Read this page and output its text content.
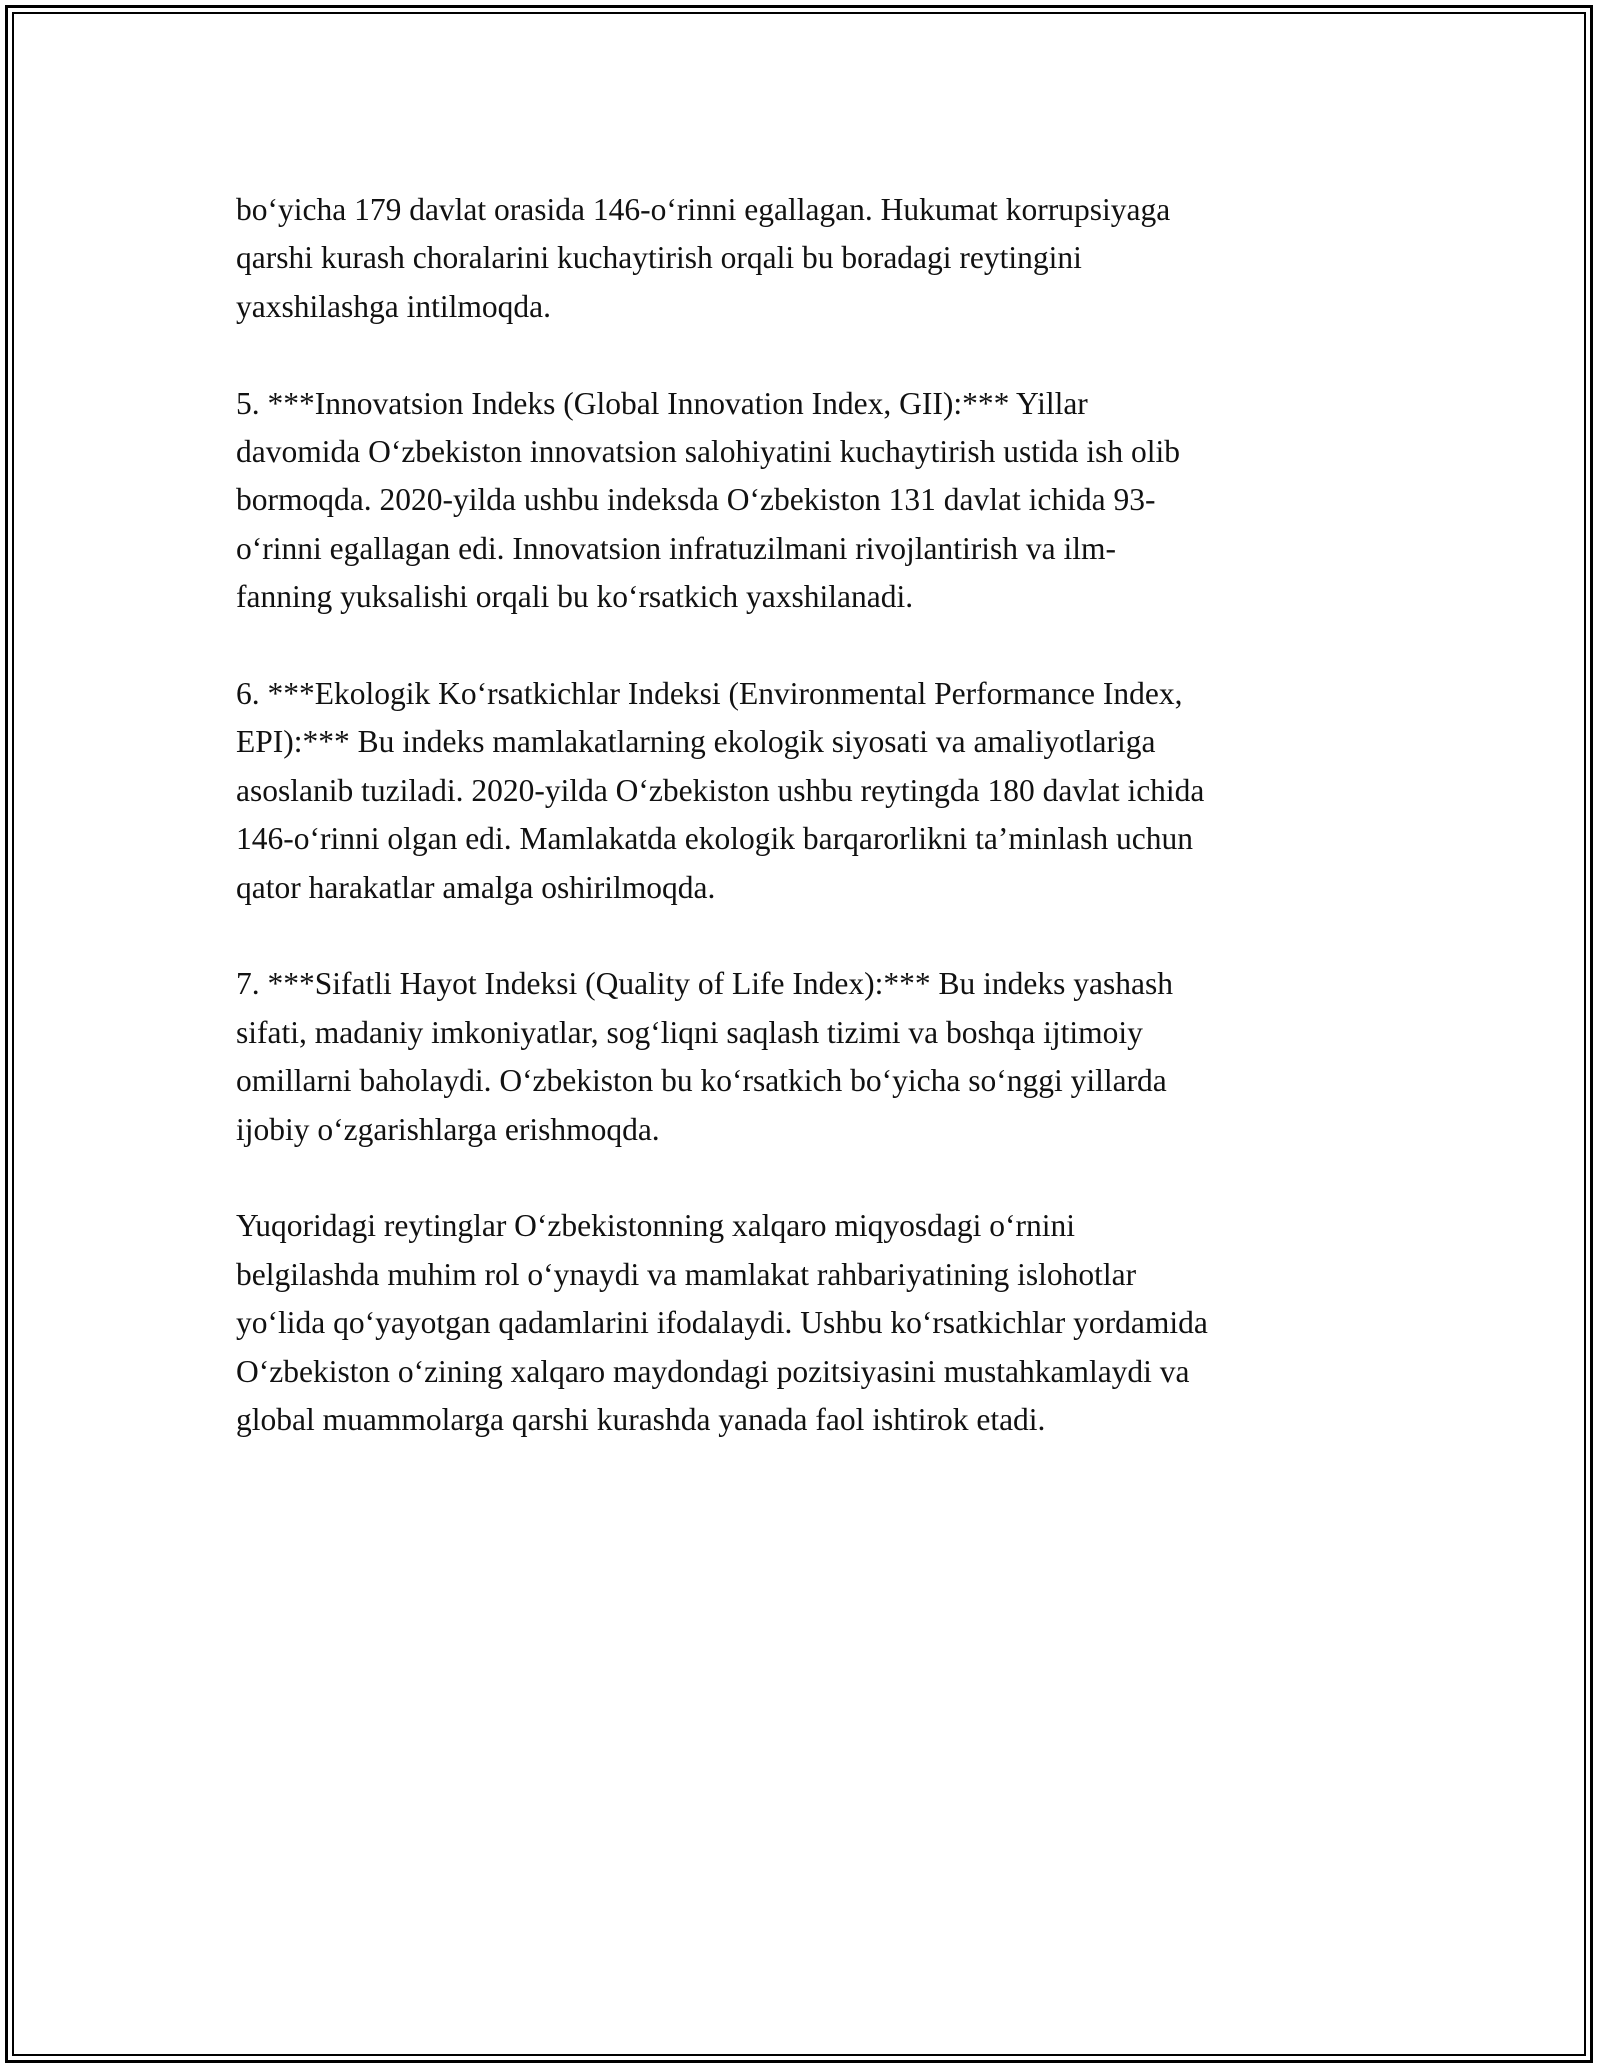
bo‘yicha 179 davlat orasida 146-o‘rinni egallagan. Hukumat korrupsiyaga
qarshi kurash choralarini kuchaytirish orqali bu boradagi reytingini
yaxshilashga intilmoqda.

5. ***Innovatsion Indeks (Global Innovation Index, GII):*** Yillar
davomida O‘zbekiston innovatsion salohiyatini kuchaytirish ustida ish olib
bormoqda. 2020-yilda ushbu indeksda O‘zbekiston 131 davlat ichida 93-
o‘rinni egallagan edi. Innovatsion infratuzilmani rivojlantirish va ilm-
fanning yuksalishi orqali bu ko‘rsatkich yaxshilanadi.

6. ***Ekologik Ko‘rsatkichlar Indeksi (Environmental Performance Index,
EPI):*** Bu indeks mamlakatlarning ekologik siyosati va amaliyotlariga
asoslanib tuziladi. 2020-yilda O‘zbekiston ushbu reytingda 180 davlat ichida
146-o‘rinni olgan edi. Mamlakatda ekologik barqarorlikni ta’minlash uchun
qator harakatlar amalga oshirilmoqda.

7. ***Sifatli Hayot Indeksi (Quality of Life Index):*** Bu indeks yashash
sifati, madaniy imkoniyatlar, sog‘liqni saqlash tizimi va boshqa ijtimoiy
omillarni baholaydi. O‘zbekiston bu ko‘rsatkich bo‘yicha so‘nggi yillarda
ijobiy o‘zgarishlarga erishmoqda.

Yuqoridagi reytinglar O‘zbekistonning xalqaro miqyosdagi o‘rnini
belgilashda muhim rol o‘ynaydi va mamlakat rahbariyatining islohotlar
yo‘lida qo‘yayotgan qadamlarini ifodalaydi. Ushbu ko‘rsatkichlar yordamida
O‘zbekiston o‘zining xalqaro maydondagi pozitsiyasini mustahkamlaydi va
global muammolarga qarshi kurashda yanada faol ishtirok etadi.
